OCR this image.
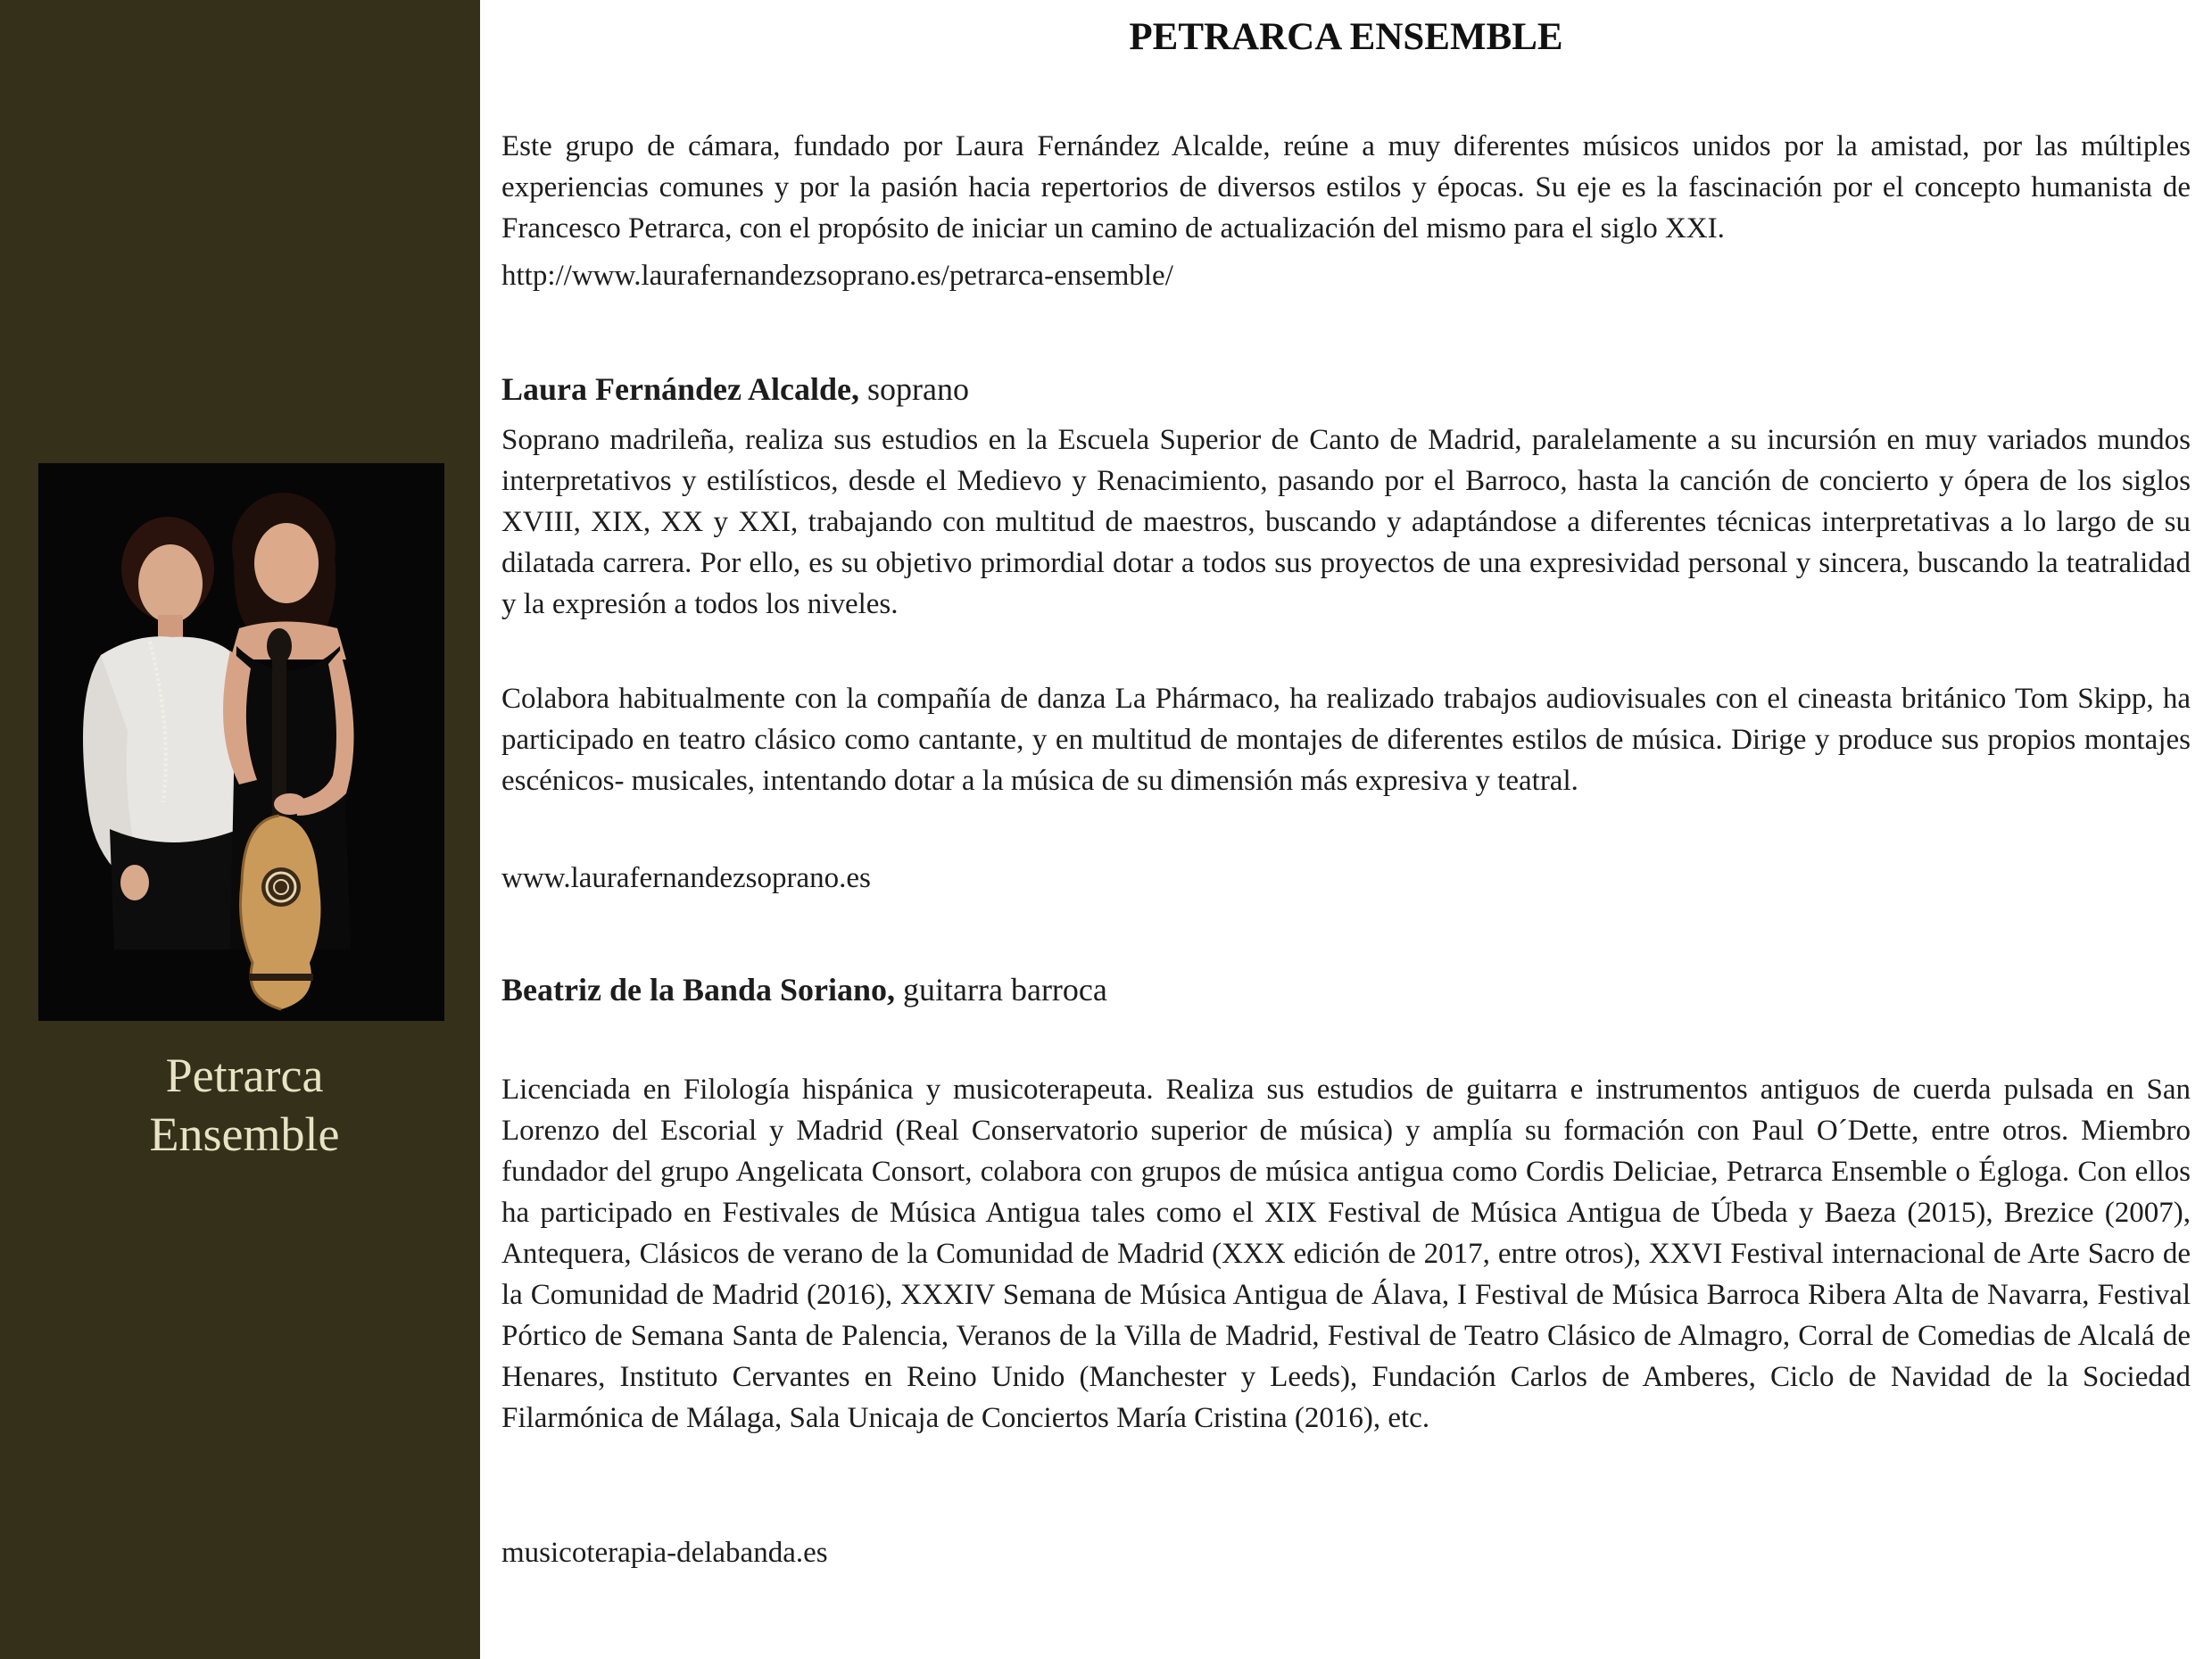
Petrarca
Ensemble
PETRARCA ENSEMBLE

Este grupo de cámara, fundado por Laura Fernández Alcalde, reúne a muy diferentes músicos unidos por la amistad, por las múltiples experiencias comunes y por la pasión hacia repertorios de diversos estilos y épocas. Su eje es la fascinación por el concepto humanista de Francesco Petrarca, con el propósito de iniciar un camino de actualización del mismo para el siglo XXI.

http://www.laurafernandezsoprano.es/petrarca-ensemble/
Laura Fernández Alcalde, soprano

Soprano madrileña, realiza sus estudios en la Escuela Superior de Canto de Madrid, paralelamente a su incursión en muy variados mundos interpretativos y estilísticos, desde el Medievo y Renacimiento, pasando por el Barroco, hasta la canción de concierto y ópera de los siglos XVIII, XIX, XX y XXI, trabajando con multitud de maestros, buscando y adaptándose a diferentes técnicas interpretativas a lo largo de su dilatada carrera. Por ello, es su objetivo primordial dotar a todos sus proyectos de una expresividad personal y sincera, buscando la teatralidad y la expresión a todos los niveles.

Colabora habitualmente con la compañía de danza La Phármaco, ha realizado trabajos audiovisuales con el cineasta británico Tom Skipp, ha participado en teatro clásico como cantante, y en multitud de montajes de diferentes estilos de música. Dirige y produce sus propios montajes escénicos- musicales, intentando dotar a la música de su dimensión más expresiva y teatral.

www.laurafernandezsoprano.es
Beatriz de la Banda Soriano, guitarra barroca

Licenciada en Filología hispánica y musicoterapeuta. Realiza sus estudios de guitarra e instrumentos antiguos de cuerda pulsada en San Lorenzo del Escorial y Madrid (Real Conservatorio superior de música) y amplía su formación con Paul O´Dette, entre otros. Miembro fundador del grupo Angelicata Consort, colabora con grupos de música antigua como Cordis Deliciae, Petrarca Ensemble o Égloga. Con ellos ha participado en Festivales de Música Antigua tales como el XIX Festival de Música Antigua de Úbeda y Baeza (2015), Brezice (2007), Antequera, Clásicos de verano de la Comunidad de Madrid (XXX edición de 2017, entre otros), XXVI Festival internacional de Arte Sacro de la Comunidad de Madrid (2016), XXXIV Semana de Música Antigua de Álava, I Festival de Música Barroca Ribera Alta de Navarra, Festival Pórtico de Semana Santa de Palencia, Veranos de la Villa de Madrid, Festival de Teatro Clásico de Almagro, Corral de Comedias de Alcalá de Henares, Instituto Cervantes en Reino Unido (Manchester y Leeds), Fundación Carlos de Amberes, Ciclo de Navidad de la Sociedad Filarmónica de Málaga, Sala Unicaja de Conciertos María Cristina (2016), etc.

musicoterapia-delabanda.es
